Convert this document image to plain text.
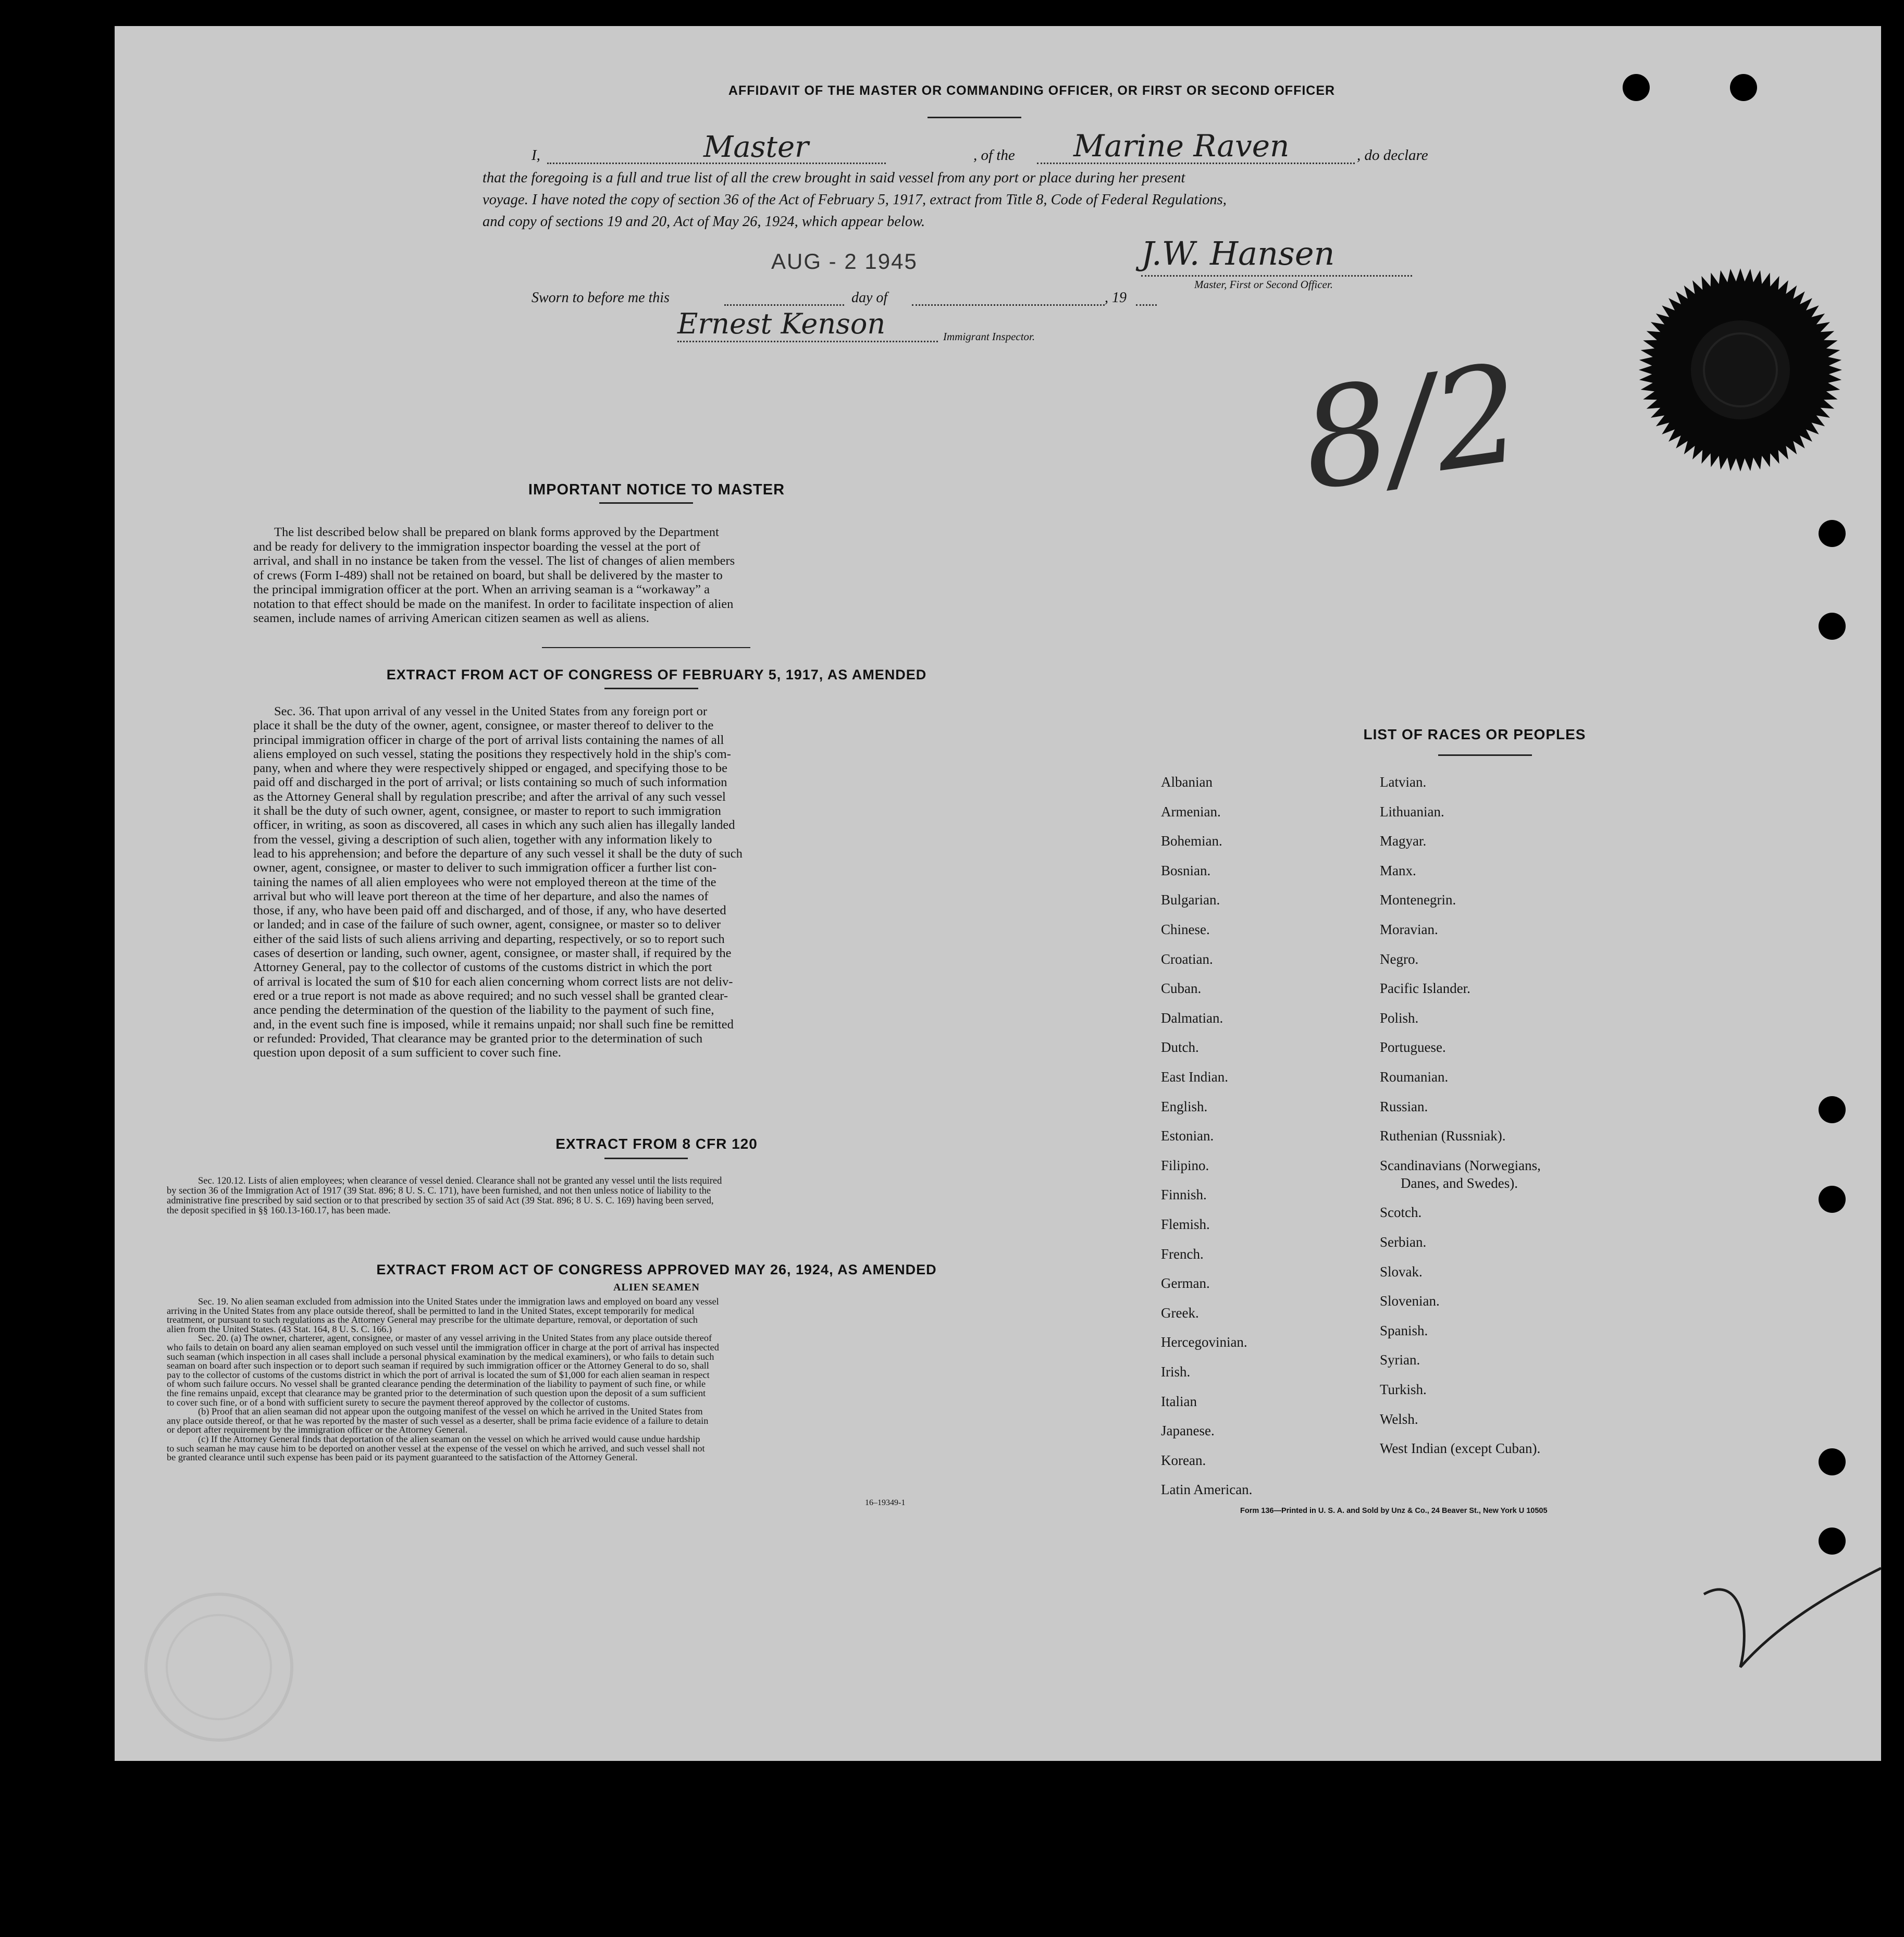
AFFIDAVIT OF THE MASTER OR COMMANDING OFFICER, OR FIRST OR SECOND OFFICER
I,	Master	, of the Marine Raven	, do declare
that the foregoing is a full and true list of all the crew brought in said vessel from any port or place during her present
voyage. I have noted the copy of section 36 of the Act of February 5, 1917, extract from Title 8, Code of Federal Regulations,
and copy of sections 19 and 20, Act of May 26, 1924, which appear below.
J.W. Hansen
Master, First or Second Officer.
AUG - 2 1945
Sworn to before me this	day of	, 19
Ernest Kenson	Immigrant Inspector.
IMPORTANT NOTICE TO MASTER
The list described below shall be prepared on blank forms approved by the Department
and be ready for delivery to the immigration inspector boarding the vessel at the port of
arrival, and shall in no instance be taken from the vessel. The list of changes of alien members
of crews (Form I-489) shall not be retained on board, but shall be delivered by the master to
the principal immigration officer at the port. When an arriving seaman is a “workaway” a
notation to that effect should be made on the manifest. In order to facilitate inspection of alien
seamen, include names of arriving American citizen seamen as well as aliens.
EXTRACT FROM ACT OF CONGRESS OF FEBRUARY 5, 1917, AS AMENDED
Sec. 36. That upon arrival of any vessel in the United States from any foreign port or
place it shall be the duty of the owner, agent, consignee, or master thereof to deliver to the
principal immigration officer in charge of the port of arrival lists containing the names of all
aliens employed on such vessel, stating the positions they respectively hold in the ship's com-
pany, when and where they were respectively shipped or engaged, and specifying those to be
paid off and discharged in the port of arrival; or lists containing so much of such information
as the Attorney General shall by regulation prescribe; and after the arrival of any such vessel
it shall be the duty of such owner, agent, consignee, or master to report to such immigration
officer, in writing, as soon as discovered, all cases in which any such alien has illegally landed
from the vessel, giving a description of such alien, together with any information likely to
lead to his apprehension; and before the departure of any such vessel it shall be the duty of such
owner, agent, consignee, or master to deliver to such immigration officer a further list con-
taining the names of all alien employees who were not employed thereon at the time of the
arrival but who will leave port thereon at the time of her departure, and also the names of
those, if any, who have been paid off and discharged, and of those, if any, who have deserted
or landed; and in case of the failure of such owner, agent, consignee, or master so to deliver
either of the said lists of such aliens arriving and departing, respectively, or so to report such
cases of desertion or landing, such owner, agent, consignee, or master shall, if required by the
Attorney General, pay to the collector of customs of the customs district in which the port
of arrival is located the sum of $10 for each alien concerning whom correct lists are not deliv-
ered or a true report is not made as above required; and no such vessel shall be granted clear-
ance pending the determination of the question of the liability to the payment of such fine,
and, in the event such fine is imposed, while it remains unpaid; nor shall such fine be remitted
or refunded: Provided, That clearance may be granted prior to the determination of such
question upon deposit of a sum sufficient to cover such fine.
EXTRACT FROM 8 CFR 120
Sec. 120.12. Lists of alien employees; when clearance of vessel denied. Clearance shall not be granted any vessel until the lists required
by section 36 of the Immigration Act of 1917 (39 Stat. 896; 8 U. S. C. 171), have been furnished, and not then unless notice of liability to the
administrative fine prescribed by said section or to that prescribed by section 35 of said Act (39 Stat. 896; 8 U. S. C. 169) having been served,
the deposit specified in §§ 160.13-160.17, has been made.
EXTRACT FROM ACT OF CONGRESS APPROVED MAY 26, 1924, AS AMENDED
ALIEN SEAMEN
Sec. 19. No alien seaman excluded from admission into the United States under the immigration laws and employed on board any vessel
arriving in the United States from any place outside thereof, shall be permitted to land in the United States, except temporarily for medical
treatment, or pursuant to such regulations as the Attorney General may prescribe for the ultimate departure, removal, or deportation of such
alien from the United States. (43 Stat. 164, 8 U. S. C. 166.)
Sec. 20. (a) The owner, charterer, agent, consignee, or master of any vessel arriving in the United States from any place outside thereof
who fails to detain on board any alien seaman employed on such vessel until the immigration officer in charge at the port of arrival has inspected
such seaman (which inspection in all cases shall include a personal physical examination by the medical examiners), or who fails to detain such
seaman on board after such inspection or to deport such seaman if required by such immigration officer or the Attorney General to do so, shall
pay to the collector of customs of the customs district in which the port of arrival is located the sum of $1,000 for each alien seaman in respect
of whom such failure occurs. No vessel shall be granted clearance pending the determination of the liability to payment of such fine, or while
the fine remains unpaid, except that clearance may be granted prior to the determination of such question upon the deposit of a sum sufficient
to cover such fine, or of a bond with sufficient surety to secure the payment thereof approved by the collector of customs.
(b) Proof that an alien seaman did not appear upon the outgoing manifest of the vessel on which he arrived in the United States from
any place outside thereof, or that he was reported by the master of such vessel as a deserter, shall be prima facie evidence of a failure to detain
or deport after requirement by the immigration officer or the Attorney General.
(c) If the Attorney General finds that deportation of the alien seaman on the vessel on which he arrived would cause undue hardship
to such seaman he may cause him to be deported on another vessel at the expense of the vessel on which he arrived, and such vessel shall not
be granted clearance until such expense has been paid or its payment guaranteed to the satisfaction of the Attorney General.
16–19349-1
LIST OF RACES OR PEOPLES
Albanian
Armenian.
Bohemian.
Bosnian.
Bulgarian.
Chinese.
Croatian.
Cuban.
Dalmatian.
Dutch.
East Indian.
English.
Estonian.
Filipino.
Finnish.
Flemish.
French.
German.
Greek.
Hercegovinian.
Irish.
Italian
Japanese.
Korean.
Latin American.
Latvian.
Lithuanian.
Magyar.
Manx.
Montenegrin.
Moravian.
Negro.
Pacific Islander.
Polish.
Portuguese.
Roumanian.
Russian.
Ruthenian (Russniak).
Scandinavians (Norwegians,
Danes, and Swedes).
Scotch.
Serbian.
Slovak.
Slovenian.
Spanish.
Syrian.
Turkish.
Welsh.
West Indian (except Cuban).
Form 136—Printed in U. S. A. and Sold by Unz & Co., 24 Beaver St., New York U 10505
8/2
